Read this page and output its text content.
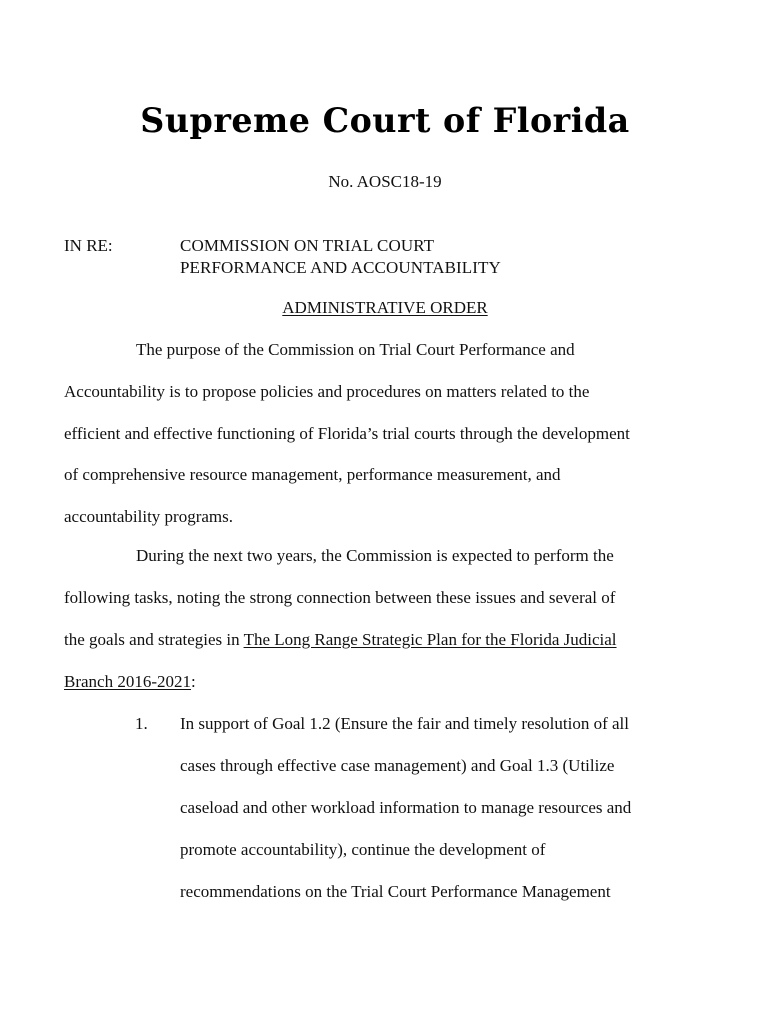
Supreme Court of Florida
No. AOSC18-19
IN RE:	COMMISSION ON TRIAL COURT
PERFORMANCE AND ACCOUNTABILITY
ADMINISTRATIVE ORDER
The purpose of the Commission on Trial Court Performance and
Accountability is to propose policies and procedures on matters related to the
efficient and effective functioning of Florida’s trial courts through the development
of comprehensive resource management, performance measurement, and
accountability programs.
During the next two years, the Commission is expected to perform the
following tasks, noting the strong connection between these issues and several of
the goals and strategies in The Long Range Strategic Plan for the Florida Judicial
Branch 2016-2021:
1. In support of Goal 1.2 (Ensure the fair and timely resolution of all
cases through effective case management) and Goal 1.3 (Utilize
caseload and other workload information to manage resources and
promote accountability), continue the development of
recommendations on the Trial Court Performance Management
